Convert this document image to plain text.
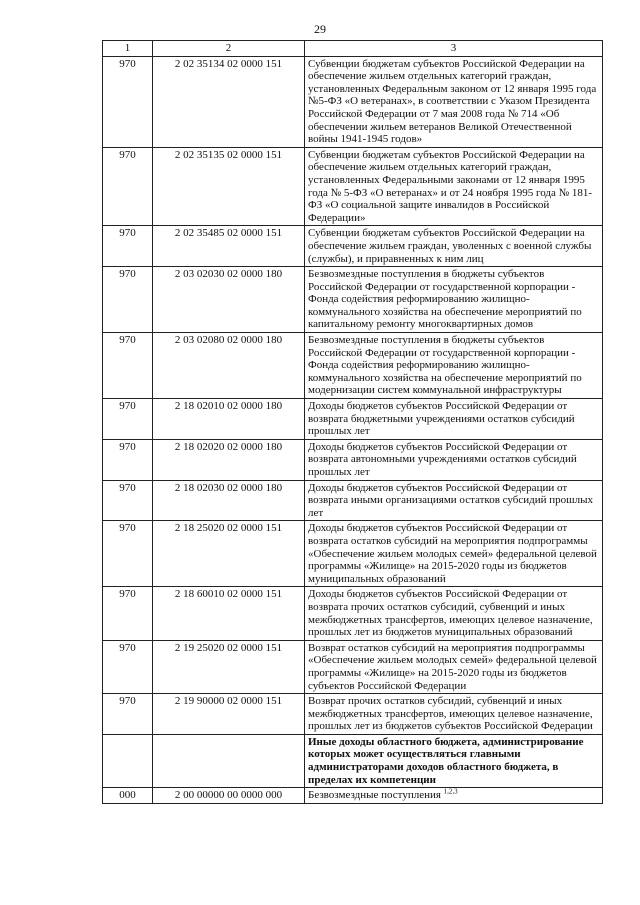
29
1	2	3
970	2 02 35134 02 0000 151	Субвенции бюджетам субъектов Российской Федерации на обеспечение жильем отдельных категорий граждан, установленных Федеральным законом от 12 января 1995 года №5-ФЗ «О ветеранах», в соответствии с Указом Президента Российской Федерации от 7 мая 2008 года № 714 «Об обеспечении жильем ветеранов Великой Отечественной войны 1941-1945 годов»
970	2 02 35135 02 0000 151	Субвенции бюджетам субъектов Российской Федерации на обеспечение жильем отдельных категорий граждан, установленных Федеральными законами от 12 января 1995 года № 5-ФЗ «О ветеранах» и от 24 ноября 1995 года № 181-ФЗ «О социальной защите инвалидов в Российской Федерации»
970	2 02 35485 02 0000 151	Субвенции бюджетам субъектов Российской Федерации на обеспечение жильем граждан, уволенных с военной службы (службы), и приравненных к ним лиц
970	2 03 02030 02 0000 180	Безвозмездные поступления в бюджеты субъектов Российской Федерации от государственной корпорации - Фонда содействия реформированию жилищно-коммунального хозяйства на обеспечение мероприятий по капитальному ремонту многоквартирных домов
970	2 03 02080 02 0000 180	Безвозмездные поступления в бюджеты субъектов Российской Федерации от государственной корпорации - Фонда содействия реформированию жилищно-коммунального хозяйства на обеспечение мероприятий по модернизации систем коммунальной инфраструктуры
970	2 18 02010 02 0000 180	Доходы бюджетов субъектов Российской Федерации от возврата бюджетными учреждениями остатков субсидий прошлых лет
970	2 18 02020 02 0000 180	Доходы бюджетов субъектов Российской Федерации от возврата автономными учреждениями остатков субсидий прошлых лет
970	2 18 02030 02 0000 180	Доходы бюджетов субъектов Российской Федерации от возврата иными организациями остатков субсидий прошлых лет
970	2 18 25020 02 0000 151	Доходы бюджетов субъектов Российской Федерации от возврата остатков субсидий на мероприятия подпрограммы «Обеспечение жильем молодых семей» федеральной целевой программы «Жилище» на 2015-2020 годы из бюджетов муниципальных образований
970	2 18 60010 02 0000 151	Доходы бюджетов субъектов Российской Федерации от возврата прочих остатков субсидий, субвенций и иных межбюджетных трансфертов, имеющих целевое назначение, прошлых лет из бюджетов муниципальных образований
970	2 19 25020 02 0000 151	Возврат остатков субсидий на мероприятия подпрограммы «Обеспечение жильем молодых семей» федеральной целевой программы «Жилище» на 2015-2020 годы из бюджетов субъектов Российской Федерации
970	2 19 90000 02 0000 151	Возврат прочих остатков субсидий, субвенций и иных межбюджетных трансфертов, имеющих целевое назначение, прошлых лет из бюджетов субъектов Российской Федерации
		Иные доходы областного бюджета, администрирование которых может осуществляться главными администраторами доходов областного бюджета, в пределах их компетенции
000	2 00 00000 00 0000 000	Безвозмездные поступления $^{1,2,3}$
